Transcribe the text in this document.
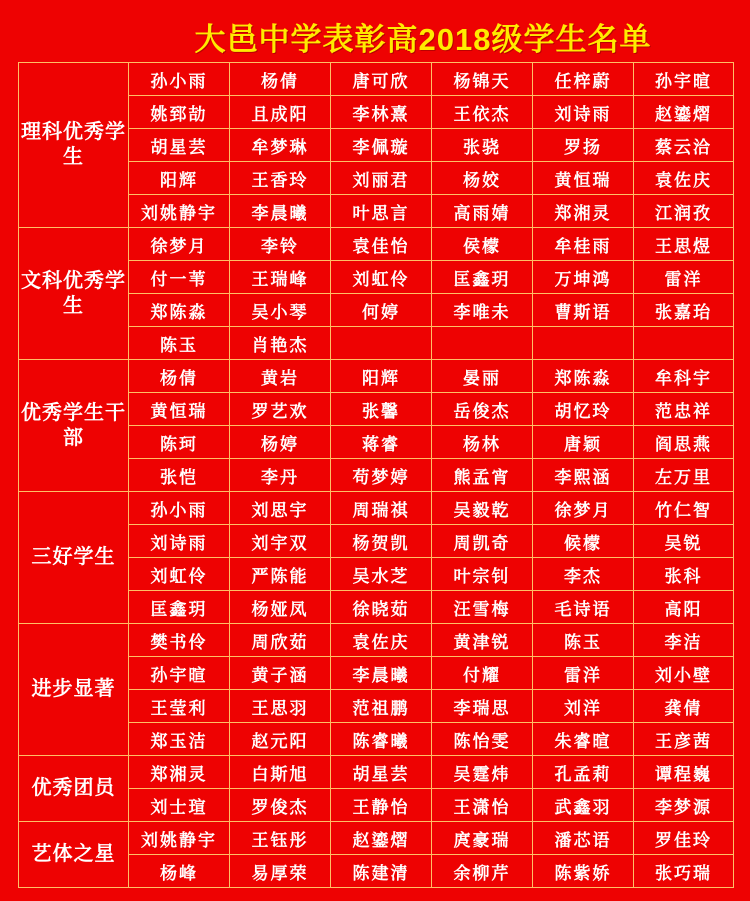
大邑中学表彰高2018级学生名单
理科优秀学生	孙小雨	杨倩	唐可欣	杨锦天	任梓蔚	孙宇暄
	姚郅劼	且成阳	李林熹	王依杰	刘诗雨	赵鎏熠
	胡星芸	牟梦琳	李佩璇	张骁	罗扬	蔡云洽
	阳辉	王香玲	刘丽君	杨姣	黄恒瑞	袁佐庆
	刘姚静宇	李晨曦	叶思言	高雨婧	郑湘灵	江润孜
文科优秀学生	徐梦月	李铃	袁佳怡	侯檬	牟桂雨	王思煜
	付一苇	王瑞峰	刘虹伶	匡鑫玥	万坤鸿	雷洋
	郑陈淼	吴小琴	何婷	李唯未	曹斯语	张嘉珆
	陈玉	肖艳杰				
优秀学生干部	杨倩	黄岩	阳辉	晏丽	郑陈淼	牟科宇
	黄恒瑞	罗艺欢	张馨	岳俊杰	胡忆玲	范忠祥
	陈珂	杨婷	蒋睿	杨林	唐颖	阎思燕
	张恺	李丹	苟梦婷	熊孟宵	李熙涵	左万里
三好学生	孙小雨	刘思宇	周瑞祺	吴毅乾	徐梦月	竹仁智
	刘诗雨	刘宇双	杨贺凯	周凯奇	候檬	吴锐
	刘虹伶	严陈能	吴水芝	叶宗钊	李杰	张科
	匡鑫玥	杨娅凤	徐晓茹	汪雪梅	毛诗语	高阳
进步显著	樊书伶	周欣茹	袁佐庆	黄津锐	陈玉	李洁
	孙宇暄	黄子涵	李晨曦	付耀	雷洋	刘小壁
	王莹利	王思羽	范祖鹏	李瑞思	刘洋	龚倩
	郑玉洁	赵元阳	陈睿曦	陈怡雯	朱睿暄	王彦茜
优秀团员	郑湘灵	白斯旭	胡星芸	吴霆炜	孔孟莉	谭程巍
	刘士瑄	罗俊杰	王静怡	王潇怡	武鑫羽	李梦源
艺体之星	刘姚静宇	王钰彤	赵鎏熠	庹豪瑞	潘芯语	罗佳玲
	杨峰	易厚荣	陈建清	余柳芹	陈紫娇	张巧瑞
